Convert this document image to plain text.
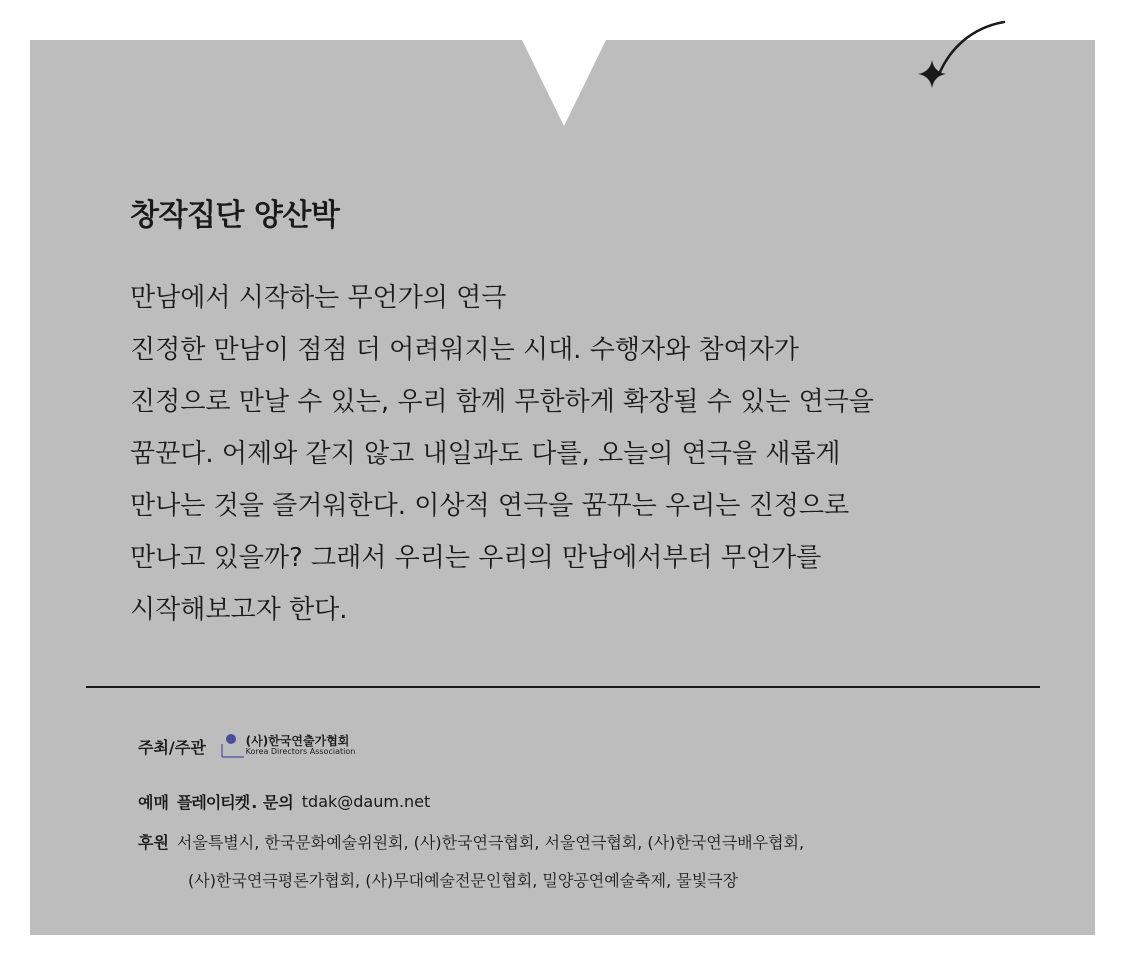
창작집단 양산박
만남에서 시작하는 무언가의 연극
진정한 만남이 점점 더 어려워지는 시대. 수행자와 참여자가
진정으로 만날 수 있는, 우리 함께 무한하게 확장될 수 있는 연극을
꿈꾼다. 어제와 같지 않고 내일과도 다를, 오늘의 연극을 새롭게
만나는 것을 즐거워한다. 이상적 연극을 꿈꾸는 우리는 진정으로
만나고 있을까? 그래서 우리는 우리의 만남에서부터 무언가를
시작해보고자 한다.
주최/주관	(사)한국연출가협회
Korea Directors Association
예매 플레이티켓 . 문의 tdak@daum.net
후원 서울특별시, 한국문화예술위원회, (사)한국연극협회, 서울연극협회, (사)한국연극배우협회,
(사)한국연극평론가협회, (사)무대예술전문인협회, 밀양공연예술축제, 물빛극장
